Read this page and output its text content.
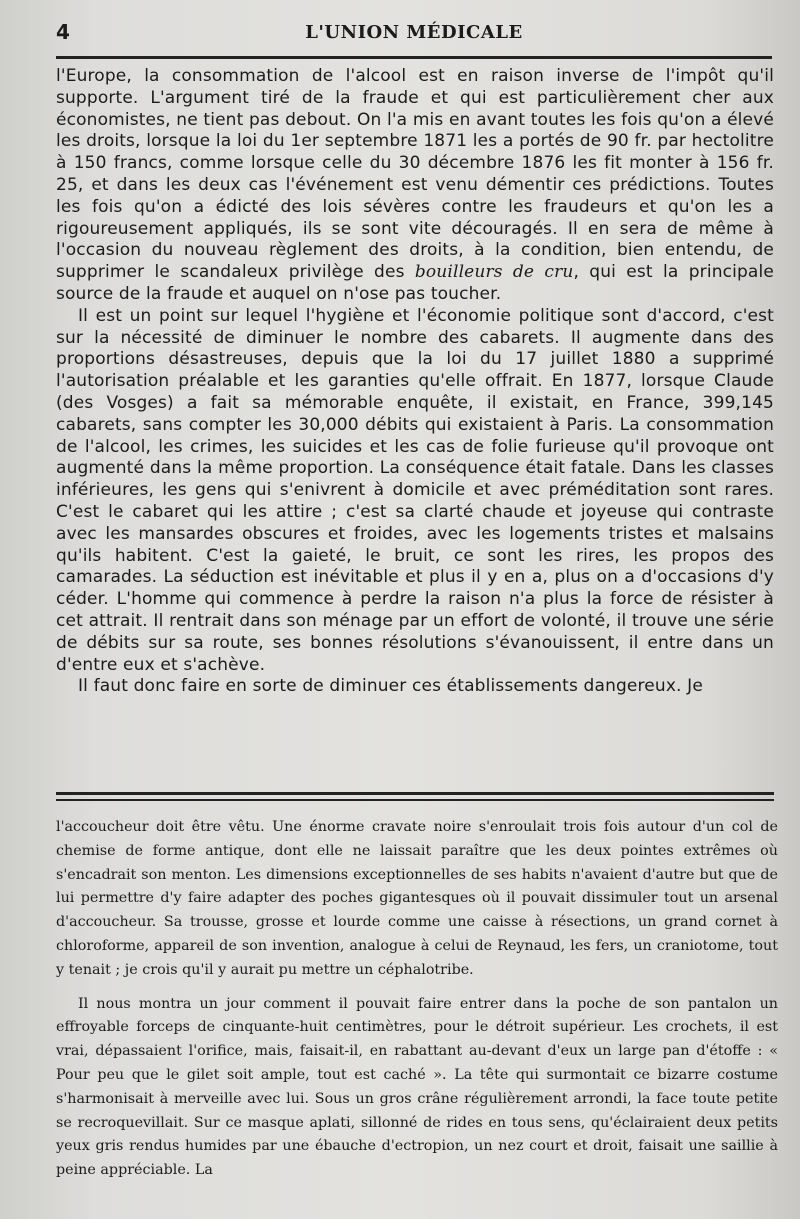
4	L'UNION MÉDICALE

l'Europe, la consommation de l'alcool est en raison inverse de l'impôt qu'il supporte. L'argument tiré de la fraude et qui est particulièrement cher aux économistes, ne tient pas debout. On l'a mis en avant toutes les fois qu'on a élevé les droits, lorsque la loi du 1er septembre 1871 les a portés de 90 fr. par hectolitre à 150 francs, comme lorsque celle du 30 décembre 1876 les fit monter à 156 fr. 25, et dans les deux cas l'événement est venu démentir ces prédictions. Toutes les fois qu'on a édicté des lois sévères contre les fraudeurs et qu'on les a rigoureusement appliqués, ils se sont vite découragés. Il en sera de même à l'occasion du nouveau règlement des droits, à la condition, bien entendu, de supprimer le scandaleux privilège des bouilleurs de cru, qui est la principale source de la fraude et auquel on n'ose pas toucher.

Il est un point sur lequel l'hygiène et l'économie politique sont d'accord, c'est sur la nécessité de diminuer le nombre des cabarets. Il augmente dans des proportions désastreuses, depuis que la loi du 17 juillet 1880 a supprimé l'autorisation préalable et les garanties qu'elle offrait. En 1877, lorsque Claude (des Vosges) a fait sa mémorable enquête, il existait, en France, 399,145 cabarets, sans compter les 30,000 débits qui existaient à Paris. La consommation de l'alcool, les crimes, les suicides et les cas de folie furieuse qu'il provoque ont augmenté dans la même proportion. La conséquence était fatale. Dans les classes inférieures, les gens qui s'enivrent à domicile et avec préméditation sont rares. C'est le cabaret qui les attire ; c'est sa clarté chaude et joyeuse qui contraste avec les mansardes obscures et froides, avec les logements tristes et malsains qu'ils habitent. C'est la gaieté, le bruit, ce sont les rires, les propos des camarades. La séduction est inévitable et plus il y en a, plus on a d'occasions d'y céder. L'homme qui commence à perdre la raison n'a plus la force de résister à cet attrait. Il rentrait dans son ménage par un effort de volonté, il trouve une série de débits sur sa route, ses bonnes résolutions s'évanouissent, il entre dans un d'entre eux et s'achève.

Il faut donc faire en sorte de diminuer ces établissements dangereux. Je

l'accoucheur doit être vêtu. Une énorme cravate noire s'enroulait trois fois autour d'un col de chemise de forme antique, dont elle ne laissait paraître que les deux pointes extrêmes où s'encadrait son menton. Les dimensions exceptionnelles de ses habits n'avaient d'autre but que de lui permettre d'y faire adapter des poches gigantesques où il pouvait dissimuler tout un arsenal d'accoucheur. Sa trousse, grosse et lourde comme une caisse à résections, un grand cornet à chloroforme, appareil de son invention, analogue à celui de Reynaud, les fers, un craniotome, tout y tenait ; je crois qu'il y aurait pu mettre un céphalotribe.

Il nous montra un jour comment il pouvait faire entrer dans la poche de son pantalon un effroyable forceps de cinquante-huit centimètres, pour le détroit supérieur. Les crochets, il est vrai, dépassaient l'orifice, mais, faisait-il, en rabattant au-devant d'eux un large pan d'étoffe : « Pour peu que le gilet soit ample, tout est caché ». La tête qui surmontait ce bizarre costume s'harmonisait à merveille avec lui. Sous un gros crâne régulièrement arrondi, la face toute petite se recroquevillait. Sur ce masque aplati, sillonné de rides en tous sens, qu'éclairaient deux petits yeux gris rendus humides par une ébauche d'ectropion, un nez court et droit, faisait une saillie à peine appréciable. La
